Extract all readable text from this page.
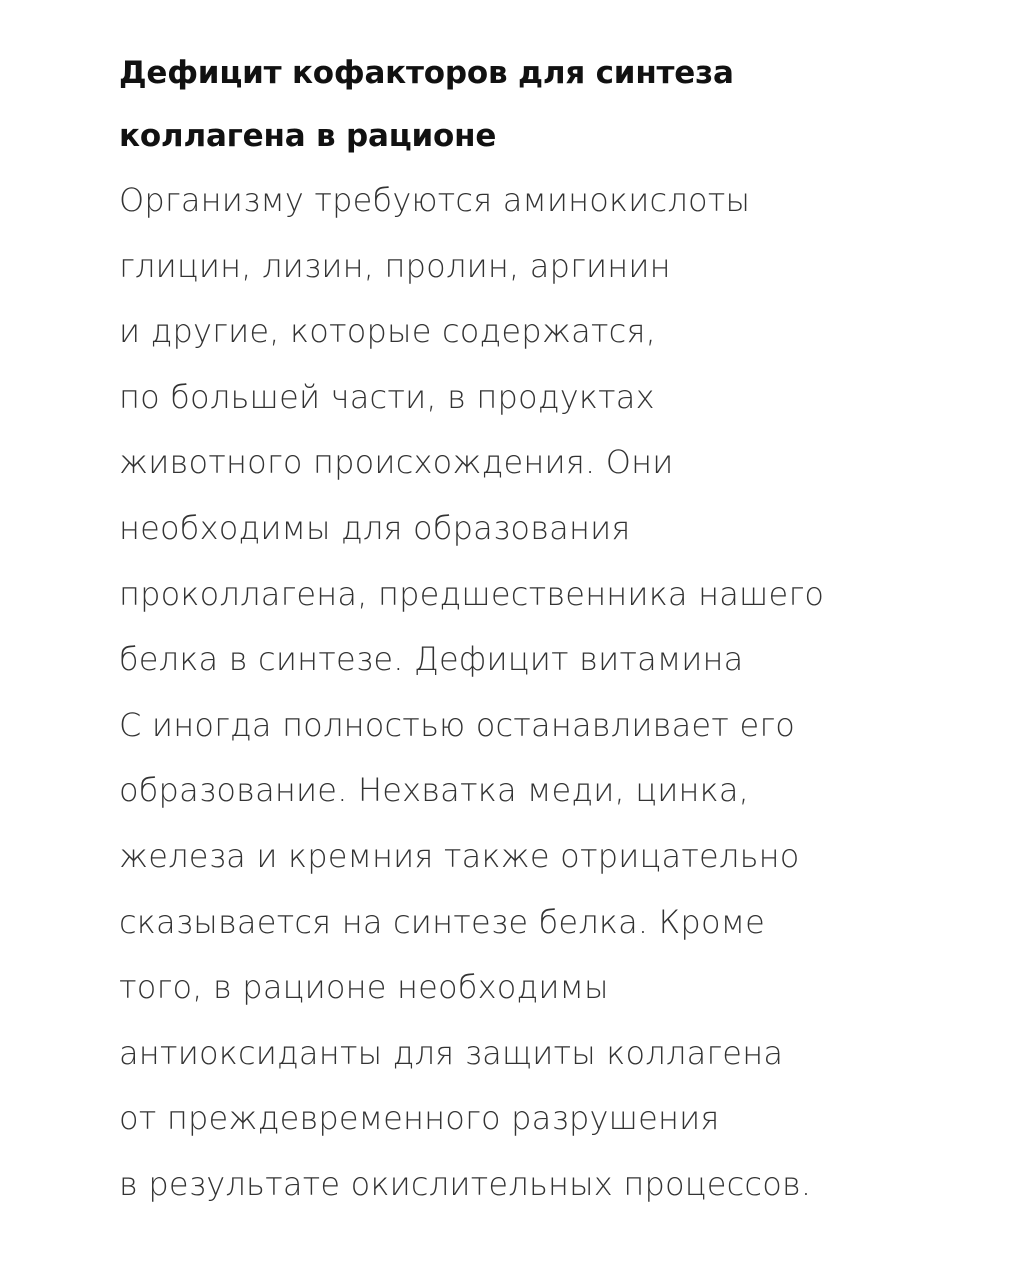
Дефицит кофакторов для синтеза
коллагена в рационе

Организму требуются аминокислоты
глицин, лизин, пролин, аргинин
и другие, которые содержатся,
по большей части, в продуктах
животного происхождения. Они
необходимы для образования
проколлагена, предшественника нашего
белка в синтезе. Дефицит витамина
С иногда полностью останавливает его
образование. Нехватка меди, цинка,
железа и кремния также отрицательно
сказывается на синтезе белка. Кроме
того, в рационе необходимы
антиоксиданты для защиты коллагена
от преждевременного разрушения
в результате окислительных процессов.
